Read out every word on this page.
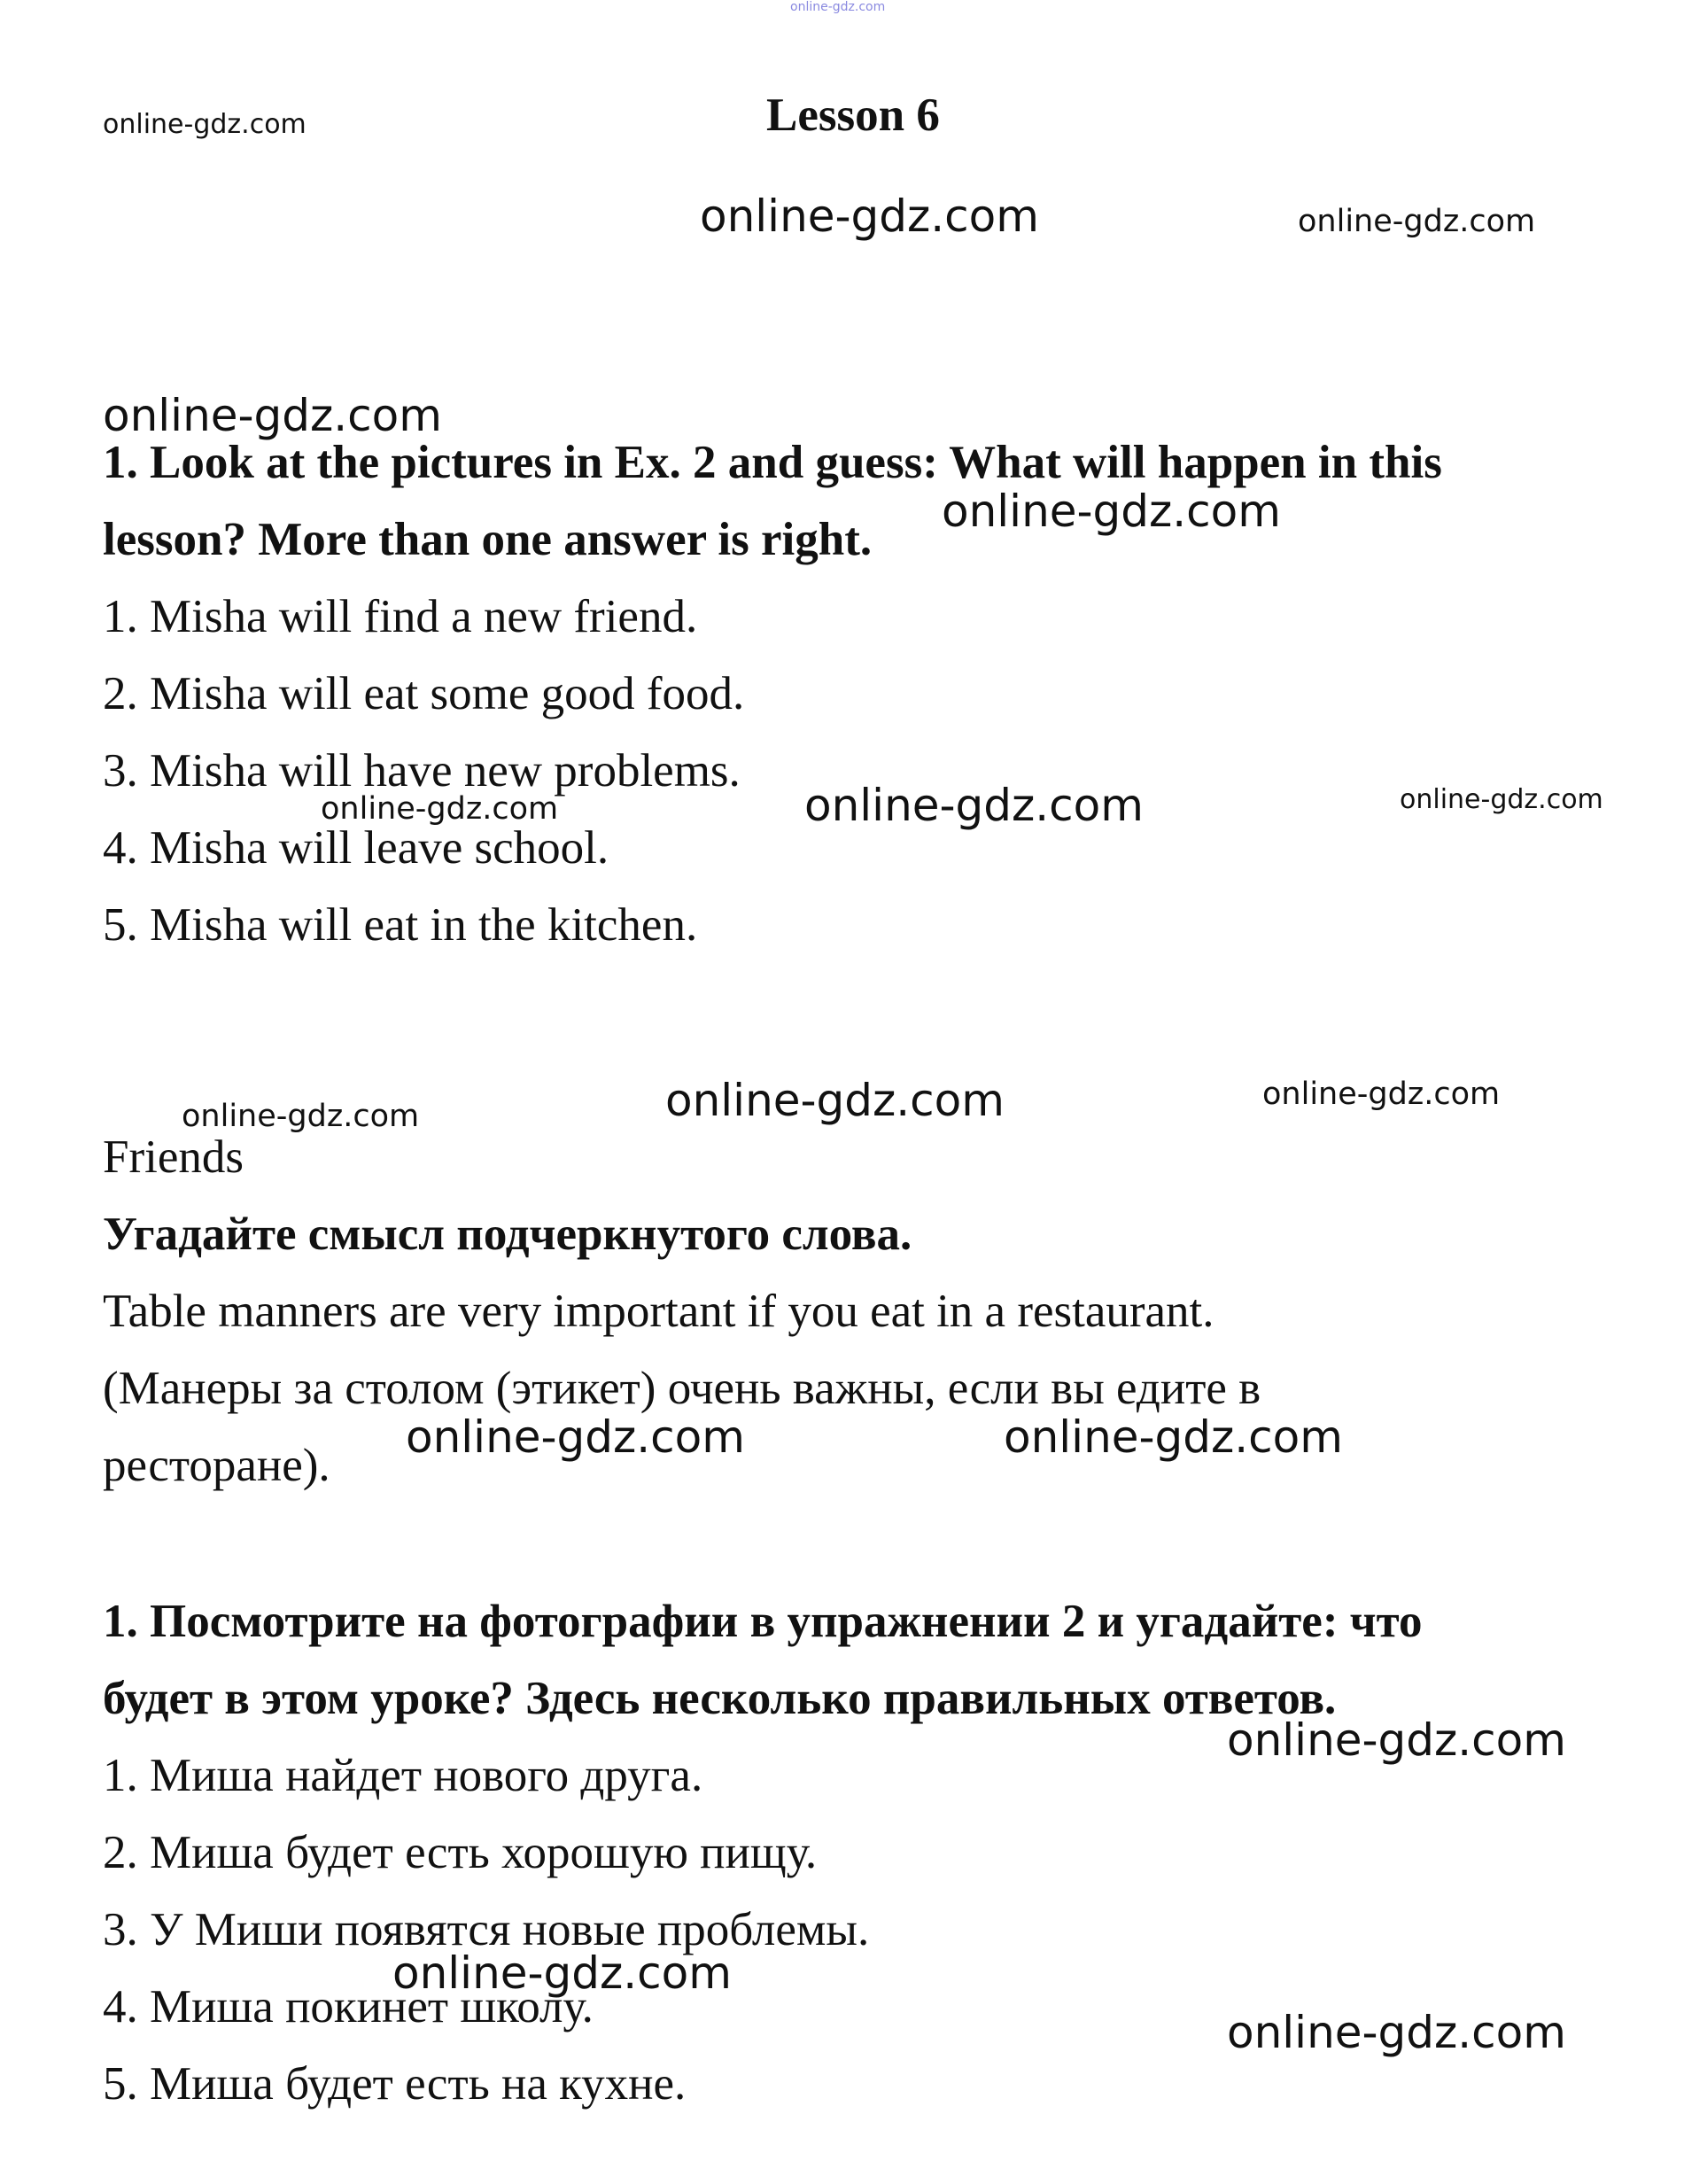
online-gdz.com
online-gdz.com
online-gdz.com	online-gdz.com
online-gdz.com
online-gdz.com
online-gdz.com	online-gdz.com	online-gdz.com
online-gdz.com	online-gdz.com	online-gdz.com
online-gdz.com	online-gdz.com
online-gdz.com
online-gdz.com
online-gdz.com
Lesson 6
1. Look at the pictures in Ex. 2 and guess: What will happen in this
lesson? More than one answer is right.
1. Misha will find a new friend.
2. Misha will eat some good food.
3. Misha will have new problems.
4. Misha will leave school.
5. Misha will eat in the kitchen.
Friends
Угадайте смысл подчеркнутого слова.
Table manners are very important if you eat in a restaurant.
(Манеры за столом (этикет) очень важны, если вы едите в
ресторане).
1. Посмотрите на фотографии в упражнении 2 и угадайте: что
будет в этом уроке? Здесь несколько правильных ответов.
1. Миша найдет нового друга.
2. Миша будет есть хорошую пищу.
3. У Миши появятся новые проблемы.
4. Миша покинет школу.
5. Миша будет есть на кухне.
